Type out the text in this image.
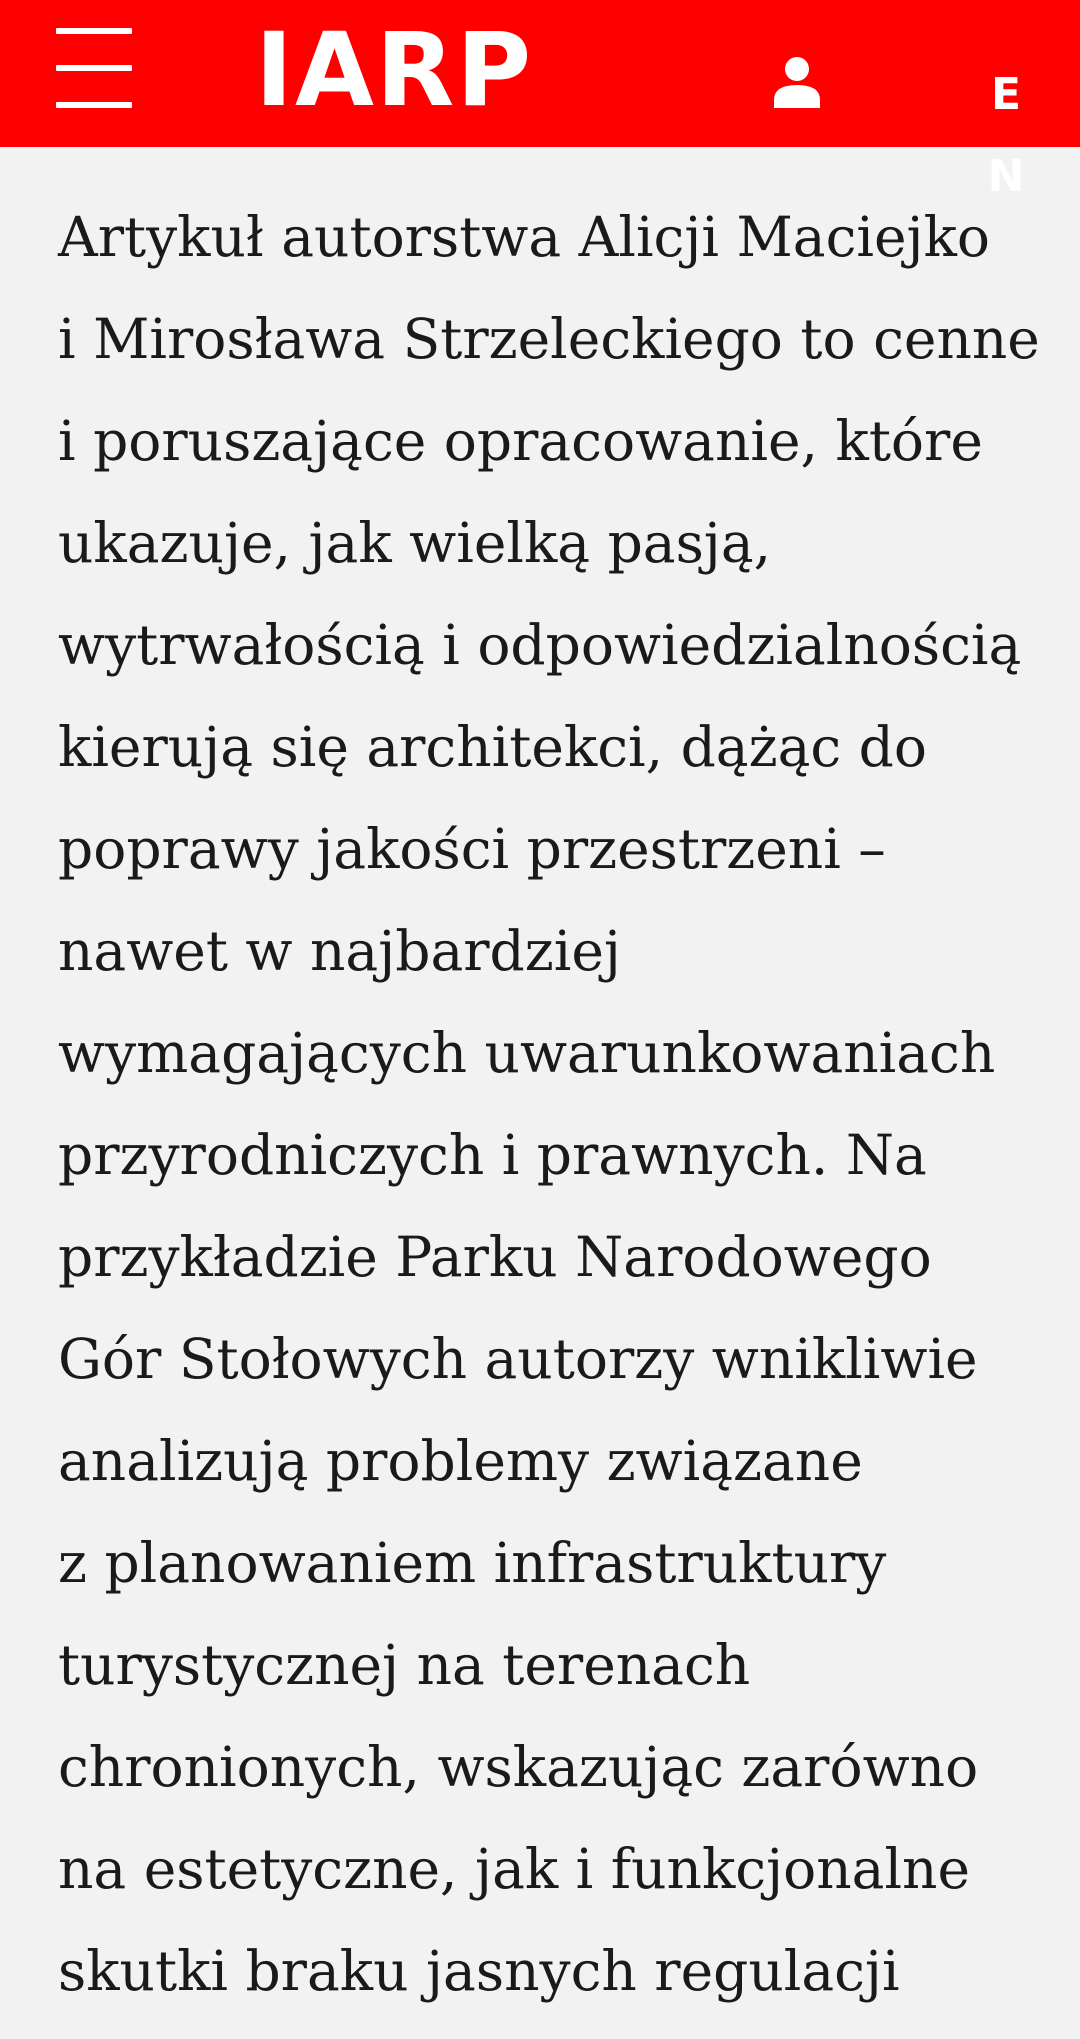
IARP	E
N
Artykuł autorstwa Alicji Maciejko
i Mirosława Strzeleckiego to cenne
i poruszające opracowanie, które
ukazuje, jak wielką pasją,
wytrwałością i odpowiedzialnością
kierują się architekci, dążąc do
poprawy jakości przestrzeni –
nawet w najbardziej
wymagających uwarunkowaniach
przyrodniczych i prawnych. Na
przykładzie Parku Narodowego
Gór Stołowych autorzy wnikliwie
analizują problemy związane
z planowaniem infrastruktury
turystycznej na terenach
chronionych, wskazując zarówno
na estetyczne, jak i funkcjonalne
skutki braku jasnych regulacji
